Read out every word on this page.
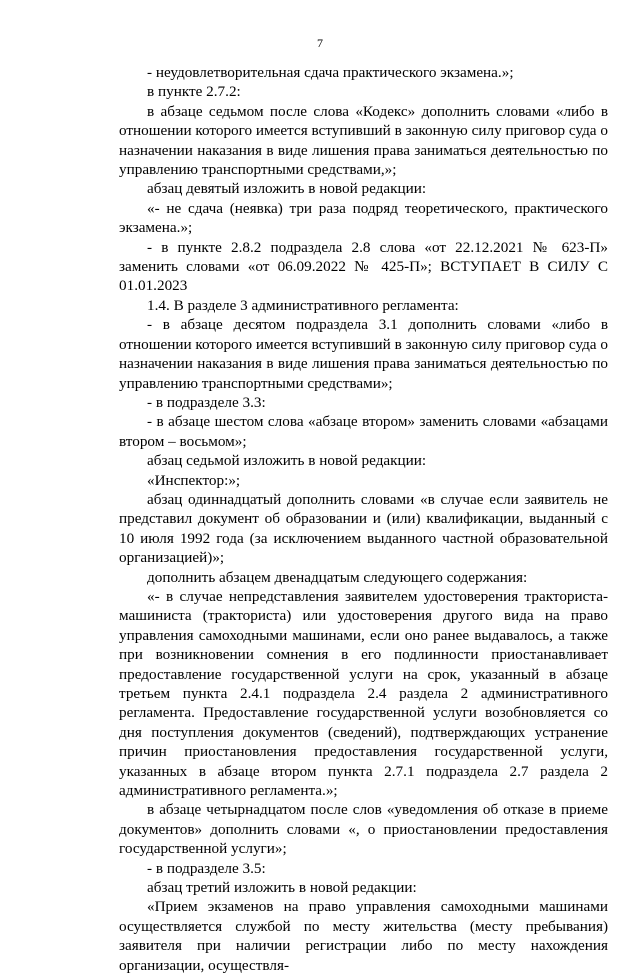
7

- неудовлетворительная сдача практического экзамена.»;

в пункте 2.7.2:

в абзаце седьмом после слова «Кодекс» дополнить словами «либо в отношении которого имеется вступивший в законную силу приговор суда о назначении наказания в виде лишения права заниматься деятельностью по управлению транспортными средствами,»;

абзац девятый изложить в новой редакции:

«- не сдача (неявка) три раза подряд теоретического, практического экзамена.»;

- в пункте 2.8.2 подраздела 2.8 слова «от 22.12.2021 № 623-П» заменить словами «от 06.09.2022 № 425-П»; ВСТУПАЕТ В СИЛУ С 01.01.2023

1.4. В разделе 3 административного регламента:

- в абзаце десятом подраздела 3.1 дополнить словами «либо в отношении которого имеется вступивший в законную силу приговор суда о назначении наказания в виде лишения права заниматься деятельностью по управлению транспортными средствами»;

- в подразделе 3.3:

- в абзаце шестом слова «абзаце втором» заменить словами «абзацами втором – восьмом»;

абзац седьмой изложить в новой редакции:

«Инспектор:»;

абзац одиннадцатый дополнить словами «в случае если заявитель не представил документ об образовании и (или) квалификации, выданный с 10 июля 1992 года (за исключением выданного частной образовательной организацией)»;

дополнить абзацем двенадцатым следующего содержания:

«- в случае непредставления заявителем удостоверения тракториста-машиниста (тракториста) или удостоверения другого вида на право управления самоходными машинами, если оно ранее выдавалось, а также при возникновении сомнения в его подлинности приостанавливает предоставление государственной услуги на срок, указанный в абзаце третьем пункта 2.4.1 подраздела 2.4 раздела 2 административного регламента. Предоставление государственной услуги возобновляется со дня поступления документов (сведений), подтверждающих устранение причин приостановления предоставления государственной услуги, указанных в абзаце втором пункта 2.7.1 подраздела 2.7 раздела 2 административного регламента.»;

в абзаце четырнадцатом после слов «уведомления об отказе в приеме документов» дополнить словами «, о приостановлении предоставления государственной услуги»;

- в подразделе 3.5:

абзац третий изложить в новой редакции:

«Прием экзаменов на право управления самоходными машинами осуществляется службой по месту жительства (месту пребывания) заявителя при наличии регистрации либо по месту нахождения организации, осуществля-
